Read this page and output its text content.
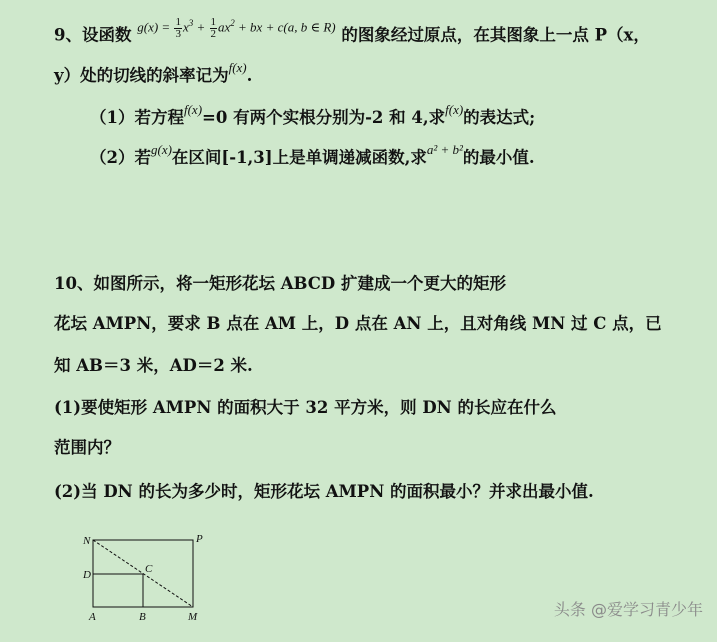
9、设函数 $g(x) = \frac{1}{3} x^3 + \frac{1}{2} ax^2$ + bx + c(a, b ∈ R) 的图象经过原点，在其图象上一点 P（x，
y）处的切线的斜率记为f(x).
（1）若方程f(x)=0 有两个实根分别为-2 和 4,求f(x)的表达式;
（2）若g(x)在区间[-1,3]上是单调递减函数,求a² + b²的最小值.
10、如图所示，将一矩形花坛 ABCD 扩建成一个更大的矩形
花坛 AMPN，要求 B 点在 AM 上，D 点在 AN 上，且对角线 MN 过 C 点，已
知 AB＝3 米，AD＝2 米.
(1)要使矩形 AMPN 的面积大于 32 平方米，则 DN 的长应在什么
范围内？
(2)当 DN 的长为多少时，矩形花坛 AMPN 的面积最小？并求出最小值.
N	P
D	C
A	B	M	头条 @爱学习青少年
